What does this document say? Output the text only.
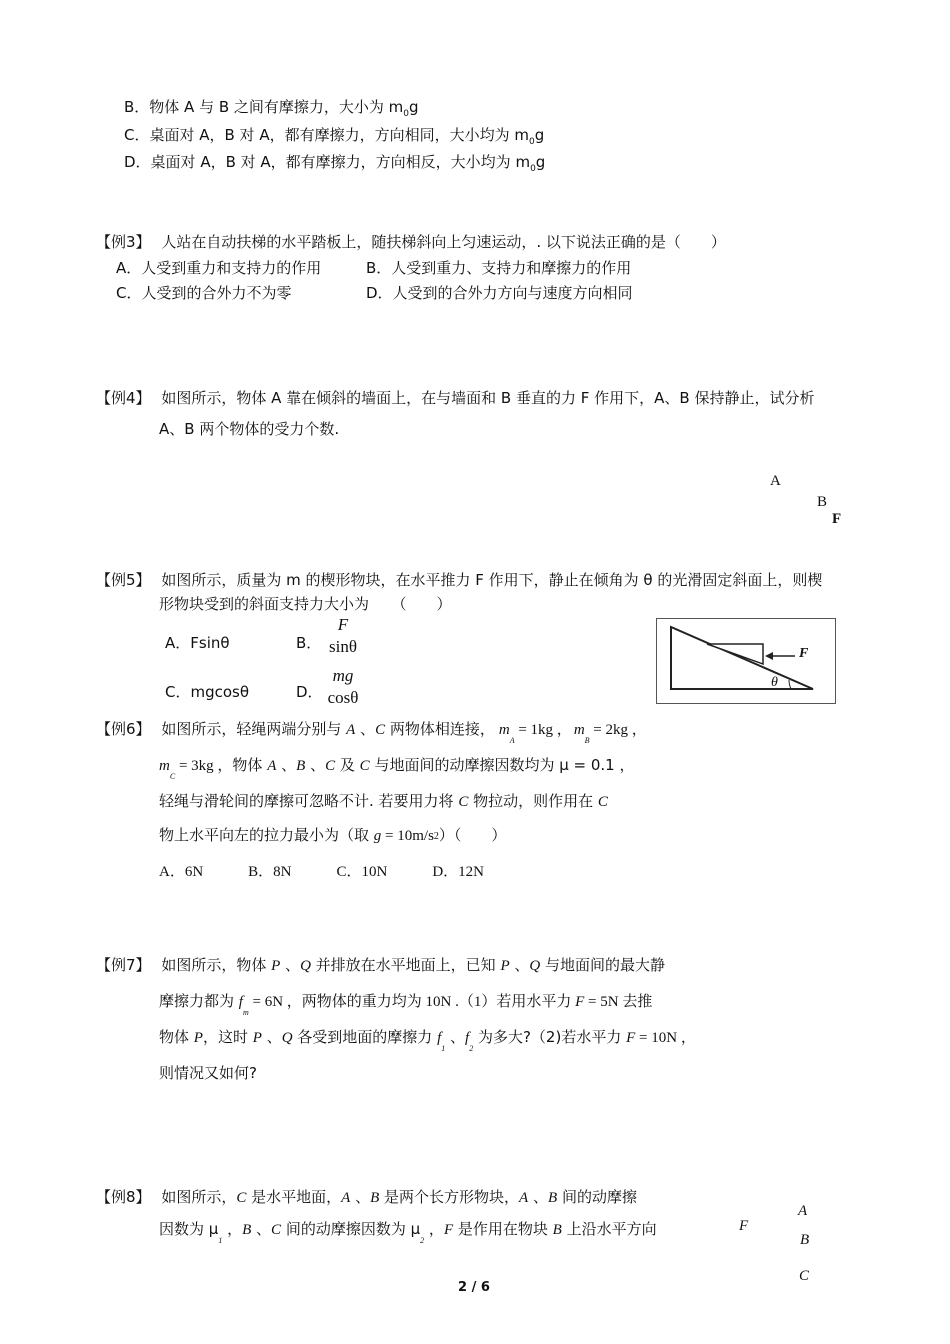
B．物体 A 与 B 之间有摩擦力，大小为 $m_0g$
C．桌面对 A，B 对 A，都有摩擦力，方向相同，大小均为 $m_0g$
D．桌面对 A，B 对 A，都有摩擦力，方向相反，大小均为 $m_0g$
【例3】 人站在自动扶梯的水平踏板上，随扶梯斜向上匀速运动，. 以下说法正确的是（　　）
A．人受到重力和支持力的作用	B．人受到重力、支持力和摩擦力的作用
C．人受到的合外力不为零	D．人受到的合外力方向与速度方向相同
【例4】 如图所示，物体 A 靠在倾斜的墙面上，在与墙面和 B 垂直的力 F 作用下，A、B 保持静止，试分析
A、B 两个物体的受力个数.
A
B
F
【例5】 如图所示，质量为 m 的楔形物块，在水平推力 F 作用下，静止在倾角为 θ 的光滑固定斜面上，则楔
形物块受到的斜面支持力大小为　　（　　）
A．Fsinθ	B．
F
sinθ
C．mgcosθ	D．
mg
cosθ
F
θ
【例6】 如图所示，轻绳两端分别与 A 、C 两物体相连接， $m_A = 1kg$ ， $m_B = 2kg$ ，
$m_C = 3kg$ ，物体 A 、B 、C 及 C 与地面间的动摩擦因数均为 μ = 0.1 ，
轻绳与滑轮间的摩擦可忽略不计. 若要用力将 C 物拉动，则作用在 C
物上水平向左的拉力最小为（取 g = 10m/s2）（　　）
A．6N　　　B．8N　　　C．10N　　　D．12N
【例7】 如图所示，物体 P 、Q 并排放在水平地面上，已知 P 、Q 与地面间的最大静
摩擦力都为 $f_m = 6N$ ，两物体的重力均为 10N .（1）若用水平力 F = 5N 去推
物体 P，这时 P 、Q 各受到地面的摩擦力 $f_1$ 、$f_2$ 为多大?（2)若水平力 F = 10N ，
则情况又如何?
【例8】 如图所示，C 是水平地面，A 、B 是两个长方形物块，A 、B 间的动摩擦
因数为 $\mu_1$ ，B 、C 间的动摩擦因数为 $\mu_2$ ，F 是作用在物块 B 上沿水平方向	F
A
B
C
2 / 6
